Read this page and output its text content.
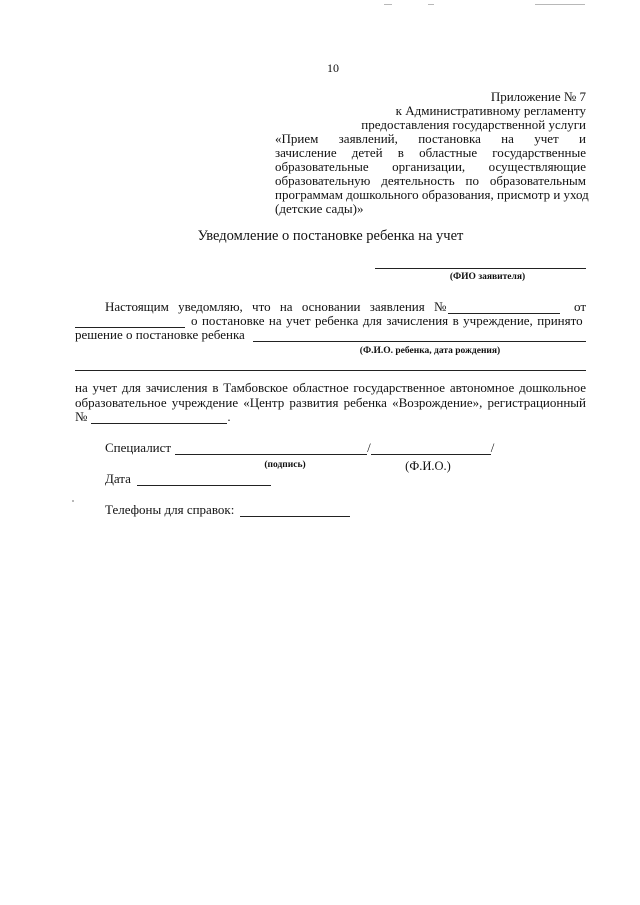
10
Приложение № 7
к Административному регламенту
предоставления государственной услуги
«Прием заявлений, постановка на учет и
зачисление детей в областные государственные
образовательные организации, осуществляющие
образовательную деятельность по образовательным
программам дошкольного образования, присмотр и уход
(детские сады)»
Уведомление о постановке ребенка на учет
(ФИО заявителя)
Настоящим уведомляю, что на основании заявления №	от
о постановке на учет ребенка для зачисления в учреждение, принято
решение о постановке ребенка
(Ф.И.О. ребенка, дата рождения)
на учет для зачисления в Тамбовское областное государственное автономное дошкольное
образовательное учреждение «Центр развития ребенка «Возрождение», регистрационный
№	.
Специалист	/	/
(подпись)	(Ф.И.О.)
Дата
Телефоны для справок:
